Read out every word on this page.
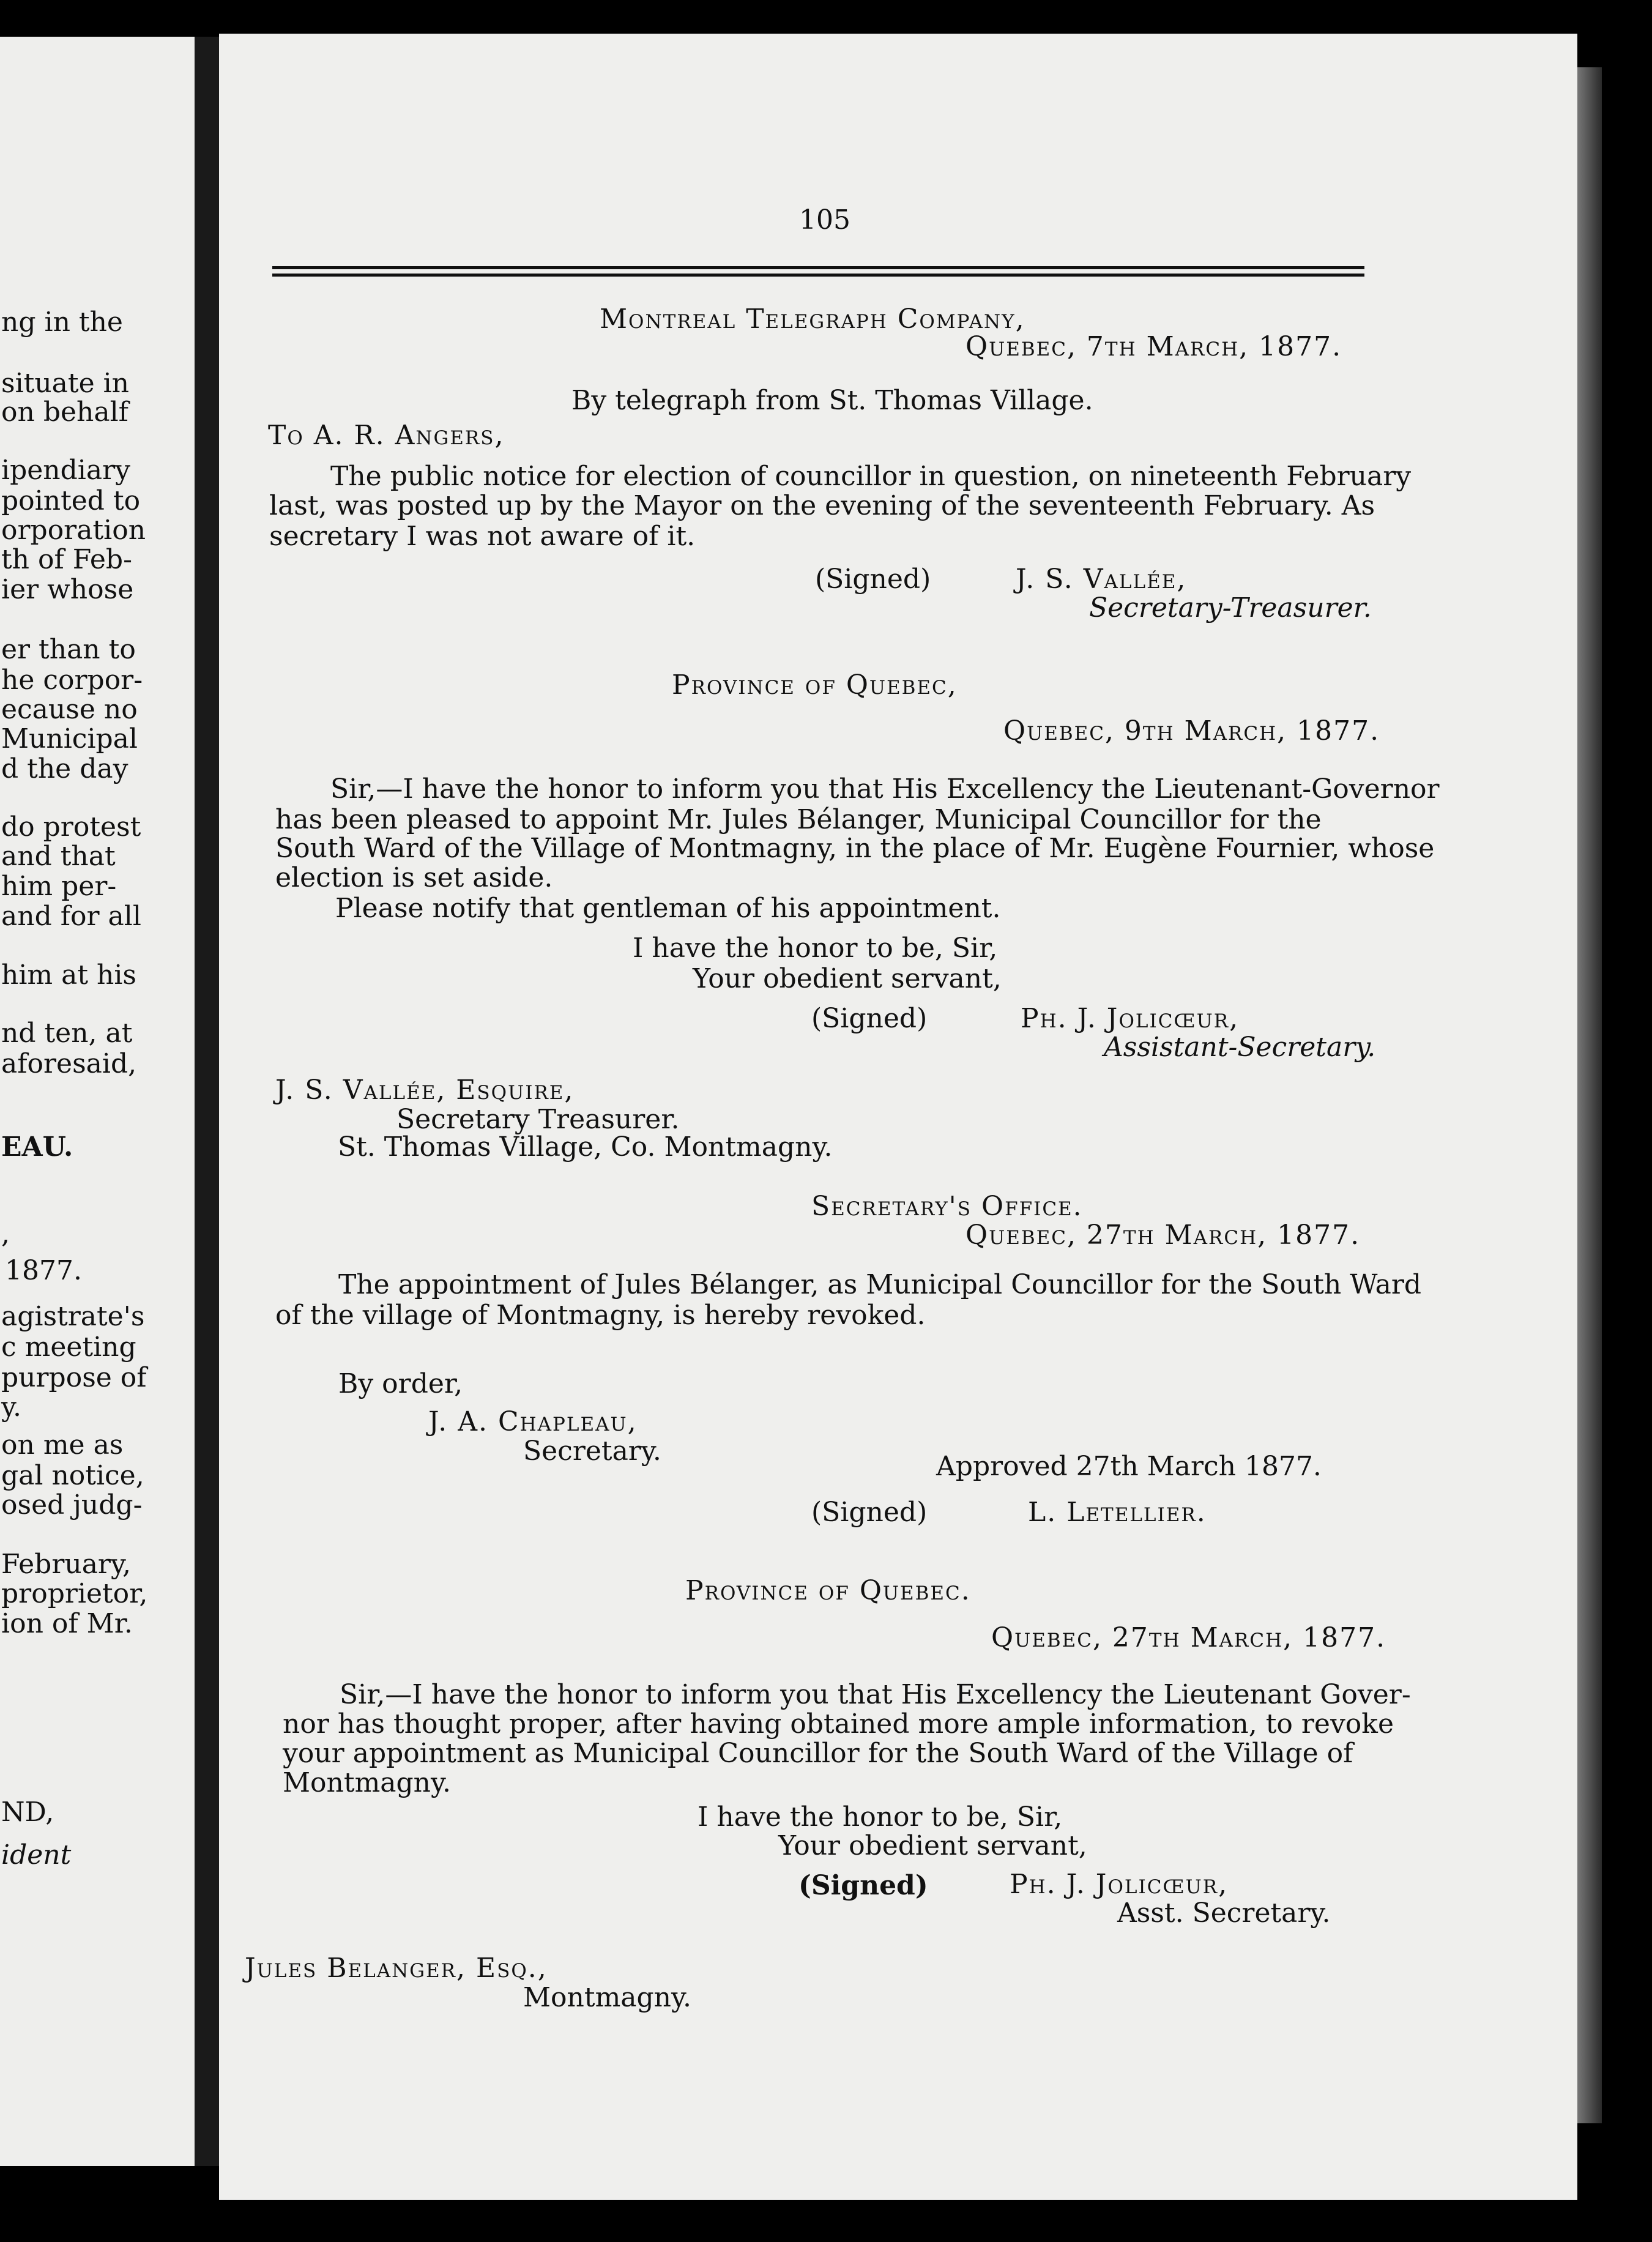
ng in the
situate in
on behalf
ipendiary
pointed to
orporation
th of Feb-
ier whose
er than to
he corpor-
ecause no
Municipal
d the day
do protest
and that
him per-
and for all
him at his
nd ten, at
aforesaid,
EAU.
,
1877.
agistrate's
c meeting
purpose of
y.
on me as
gal notice,
osed judg-
February,
proprietor,
ion of Mr.
ND,
ident
105
Montreal Telegraph Company,
Quebec, 7th March, 1877.
By telegraph from St. Thomas Village.
To A. R. Angers,
The public notice for election of councillor in question, on nineteenth February
last, was posted up by the Mayor on the evening of the seventeenth February. As
secretary I was not aware of it.
(Signed)	J. S. Vallée,
Secretary-Treasurer.
Province of Quebec,
Quebec, 9th March, 1877.
Sir,—I have the honor to inform you that His Excellency the Lieutenant-Governor
has been pleased to appoint Mr. Jules Bélanger, Municipal Councillor for the
South Ward of the Village of Montmagny, in the place of Mr. Eugène Fournier, whose
election is set aside.
Please notify that gentleman of his appointment.
I have the honor to be, Sir,
Your obedient servant,
(Signed)	Ph. J. Jolicœur,
Assistant-Secretary.
J. S. Vallée, Esquire,
Secretary Treasurer.
St. Thomas Village, Co. Montmagny.
Secretary's Office.
Quebec, 27th March, 1877.
The appointment of Jules Bélanger, as Municipal Councillor for the South Ward
of the village of Montmagny, is hereby revoked.
By order,
J. A. Chapleau,
Secretary.	Approved 27th March 1877.
(Signed)	L. Letellier.
Province of Quebec.
Quebec, 27th March, 1877.
Sir,—I have the honor to inform you that His Excellency the Lieutenant Gover-
nor has thought proper, after having obtained more ample information, to revoke
your appointment as Municipal Councillor for the South Ward of the Village of
Montmagny.
I have the honor to be, Sir,
Your obedient servant,
(Signed)	Ph. J. Jolicœur,
Asst. Secretary.
Jules Belanger, Esq.,
Montmagny.
